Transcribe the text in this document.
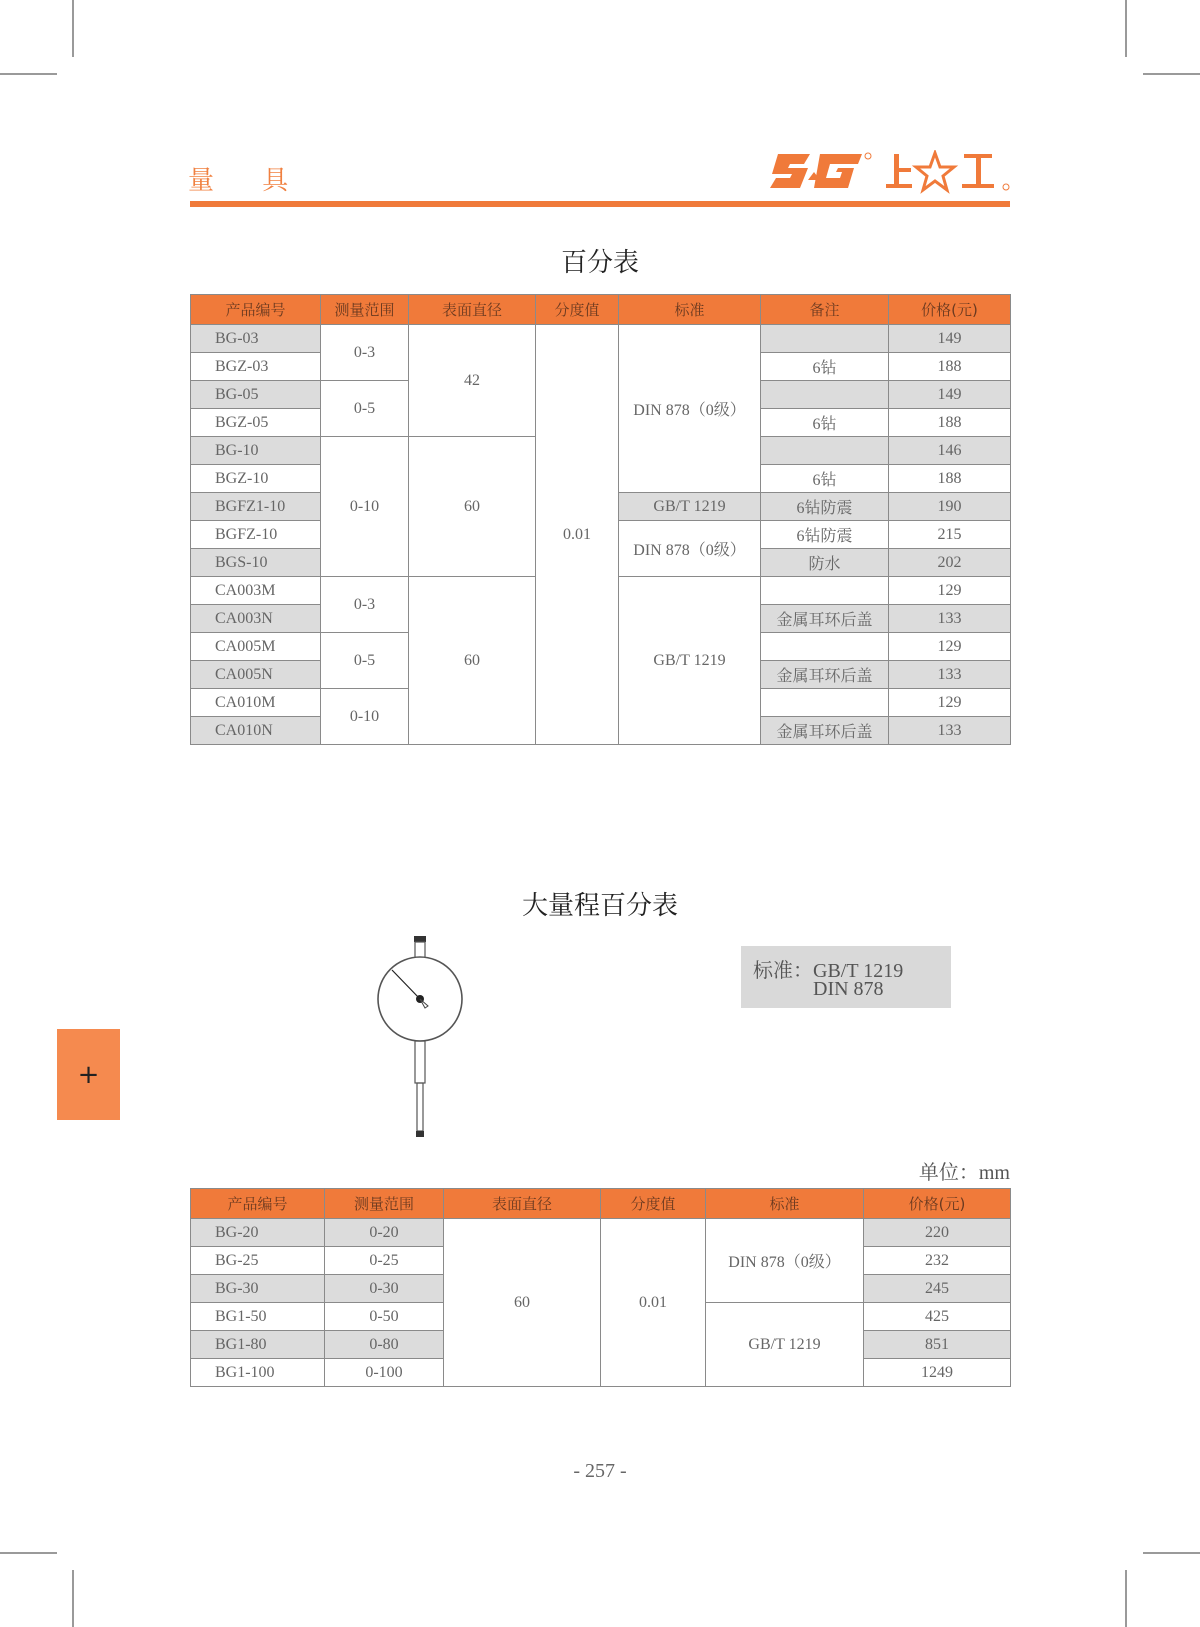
量 具
百分表
产品编号	测量范围	表面直径	分度值	标准	备注	价格(元)
BG-03	0-3	42	0.01	DIN 878（0级）		149
BGZ-03					6钻	188
BG-05	0-5					149
BGZ-05					6钻	188
BG-10	0-10	60				146
BGZ-10					6钻	188
BGFZ1-10				GB/T 1219	6钻防震	190
BGFZ-10				DIN 878（0级）	6钻防震	215
BGS-10					防水	202
CA003M	0-3	60		GB/T 1219		129
CA003N					金属耳环后盖	133
CA005M	0-5					129
CA005N					金属耳环后盖	133
CA010M	0-10					129
CA010N					金属耳环后盖	133
大量程百分表
标准：GB/T 1219
DIN 878
单位：mm
产品编号	测量范围	表面直径	分度值	标准	价格(元)
BG-20	0-20	60	0.01	DIN 878（0级）	220
BG-25	0-25				232
BG-30	0-30				245
BG1-50	0-50			GB/T 1219	425
BG1-80	0-80				851
BG1-100	0-100				1249
+
- 257 -
